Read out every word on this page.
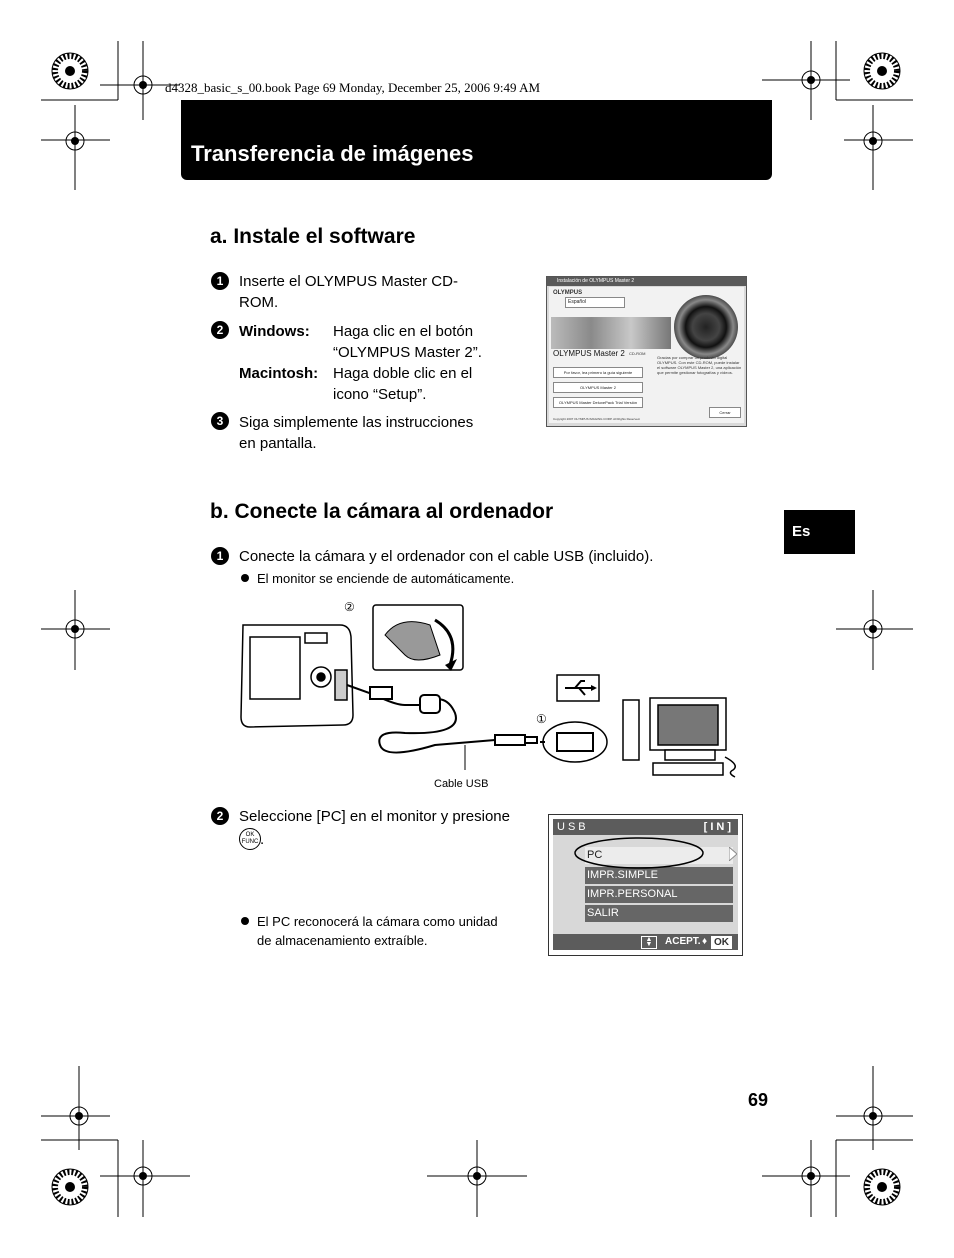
d4328_basic_s_00.book Page 69 Monday, December 25, 2006 9:49 AM
Transferencia de imágenes
a. Instale el software
1	Inserte el OLYMPUS Master CD-
ROM.
2	Windows: Haga clic en el botón
“OLYMPUS Master 2”.
Macintosh: Haga doble clic en el
icono “Setup”.
3	Siga simplemente las instrucciones
en pantalla.
Instalación de OLYMPUS Master 2
OLYMPUS
Español
OLYMPUS Master 2 CD-ROM
Gracias por comprar un producto digital OLYMPUS. Con este CD-ROM, puede instalar el software OLYMPUS Master 2, una aplicación que permite gestionar fotografías y vídeos.
Por favor, lea primero la guía siguiente
OLYMPUS Master 2
OLYMPUS Master DeluxePack Trial Versión
Cerrar
Copyright 2007 OLYMPUS IMAGING CORP. All Rights Reserved.
Es
b. Conecte la cámara al ordenador
1	Conecte la cámara y el ordenador con el cable USB (incluido).
El monitor se enciende de automáticamente.
②
①
Cable USB
2	Seleccione [PC] en el monitor y presione
OK
FUNC .
El PC reconocerá la cámara como unidad
de almacenamiento extraíble.
USB	[IN]
PC
IMPR.SIMPLE
IMPR.PERSONAL
SALIR
▲
▼	ACEPT. ♦ OK
69
